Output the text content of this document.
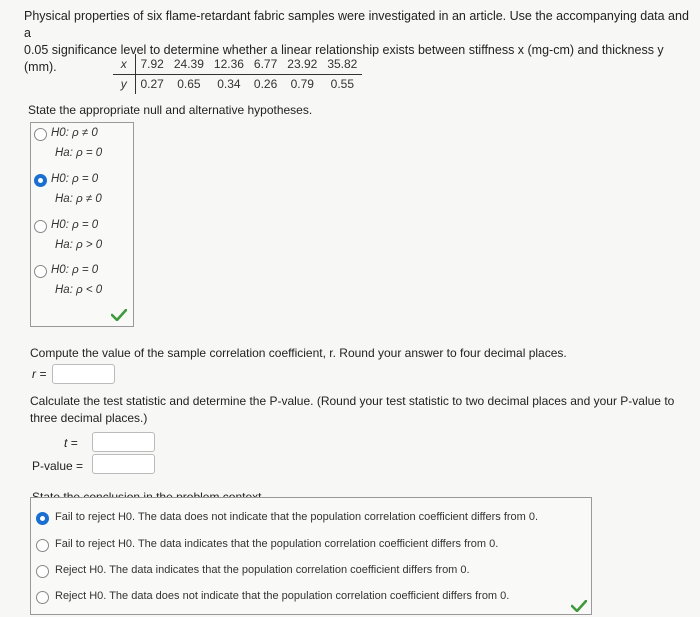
Physical properties of six flame-retardant fabric samples were investigated in an article. Use the accompanying data and a
0.05 significance level to determine whether a linear relationship exists between stiffness x (mg-cm) and thickness y (mm).	x	7.92	24.39	12.36	6.77	23.92	35.82
y	0.27	0.65	0.34	0.26	0.79	0.55
State the appropriate null and alternative hypotheses.
H0: ρ ≠ 0
Ha: ρ = 0
H0: ρ = 0
Ha: ρ ≠ 0
H0: ρ = 0
Ha: ρ > 0
H0: ρ = 0
Ha: ρ < 0
Compute the value of the sample correlation coefficient, r. Round your answer to four decimal places.
r =
Calculate the test statistic and determine the P-value. (Round your test statistic to two decimal places and your P-value to
three decimal places.)
t =
P-value =
Fail to reject H0. The data does not indicate that the population correlation coefficient differs from 0.
Fail to reject H0. The data indicates that the population correlation coefficient differs from 0.
Reject H0. The data indicates that the population correlation coefficient differs from 0.
Reject H0. The data does not indicate that the population correlation coefficient differs from 0.
